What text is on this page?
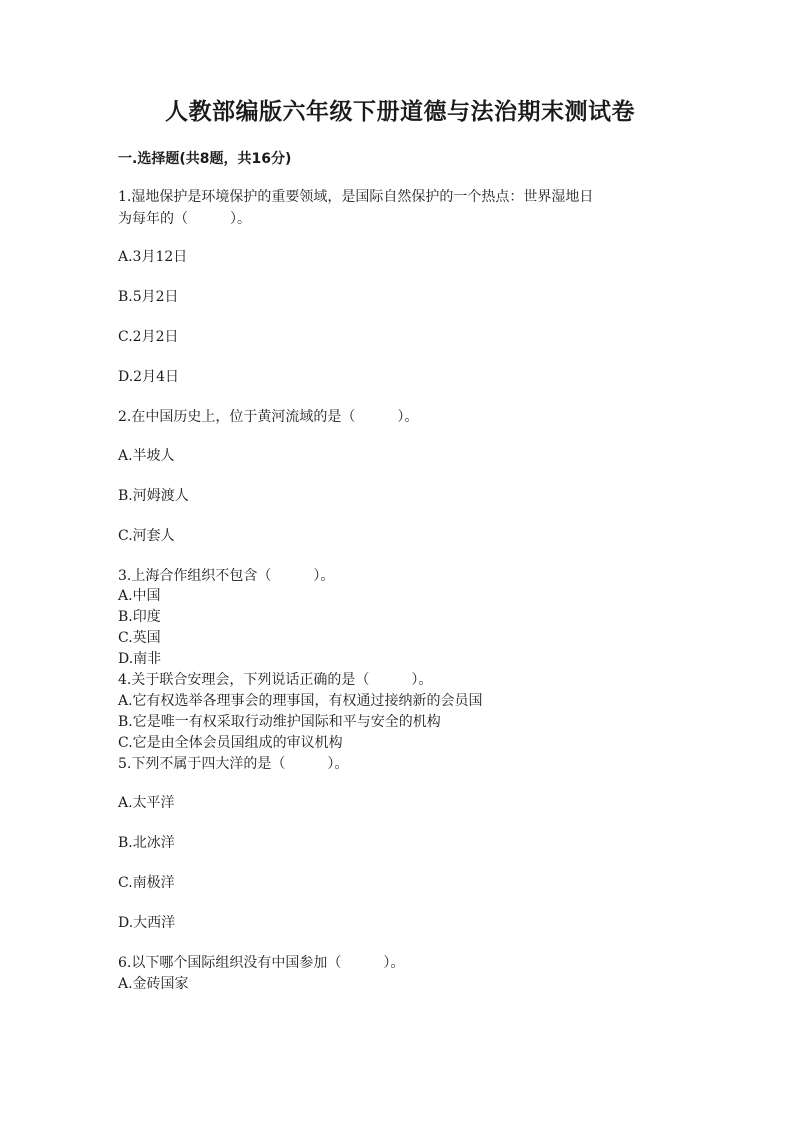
人教部编版六年级下册道德与法治期末测试卷
一.选择题(共8题，共16分)
1.湿地保护是环境保护的重要领域，是国际自然保护的一个热点：世界湿地日
为每年的（　　　）。
A.3月12日
B.5月2日
C.2月2日
D.2月4日
2.在中国历史上，位于黄河流域的是（　　　）。
A.半坡人
B.河姆渡人
C.河套人
3.上海合作组织不包含（　　　）。
A.中国
B.印度
C.英国
D.南非
4.关于联合安理会，下列说话正确的是（　　　）。
A.它有权选举各理事会的理事国，有权通过接纳新的会员国
B.它是唯一有权采取行动维护国际和平与安全的机构
C.它是由全体会员国组成的审议机构
5.下列不属于四大洋的是（　　　）。
A.太平洋
B.北冰洋
C.南极洋
D.大西洋
6.以下哪个国际组织没有中国参加（　　　）。
A.金砖国家
